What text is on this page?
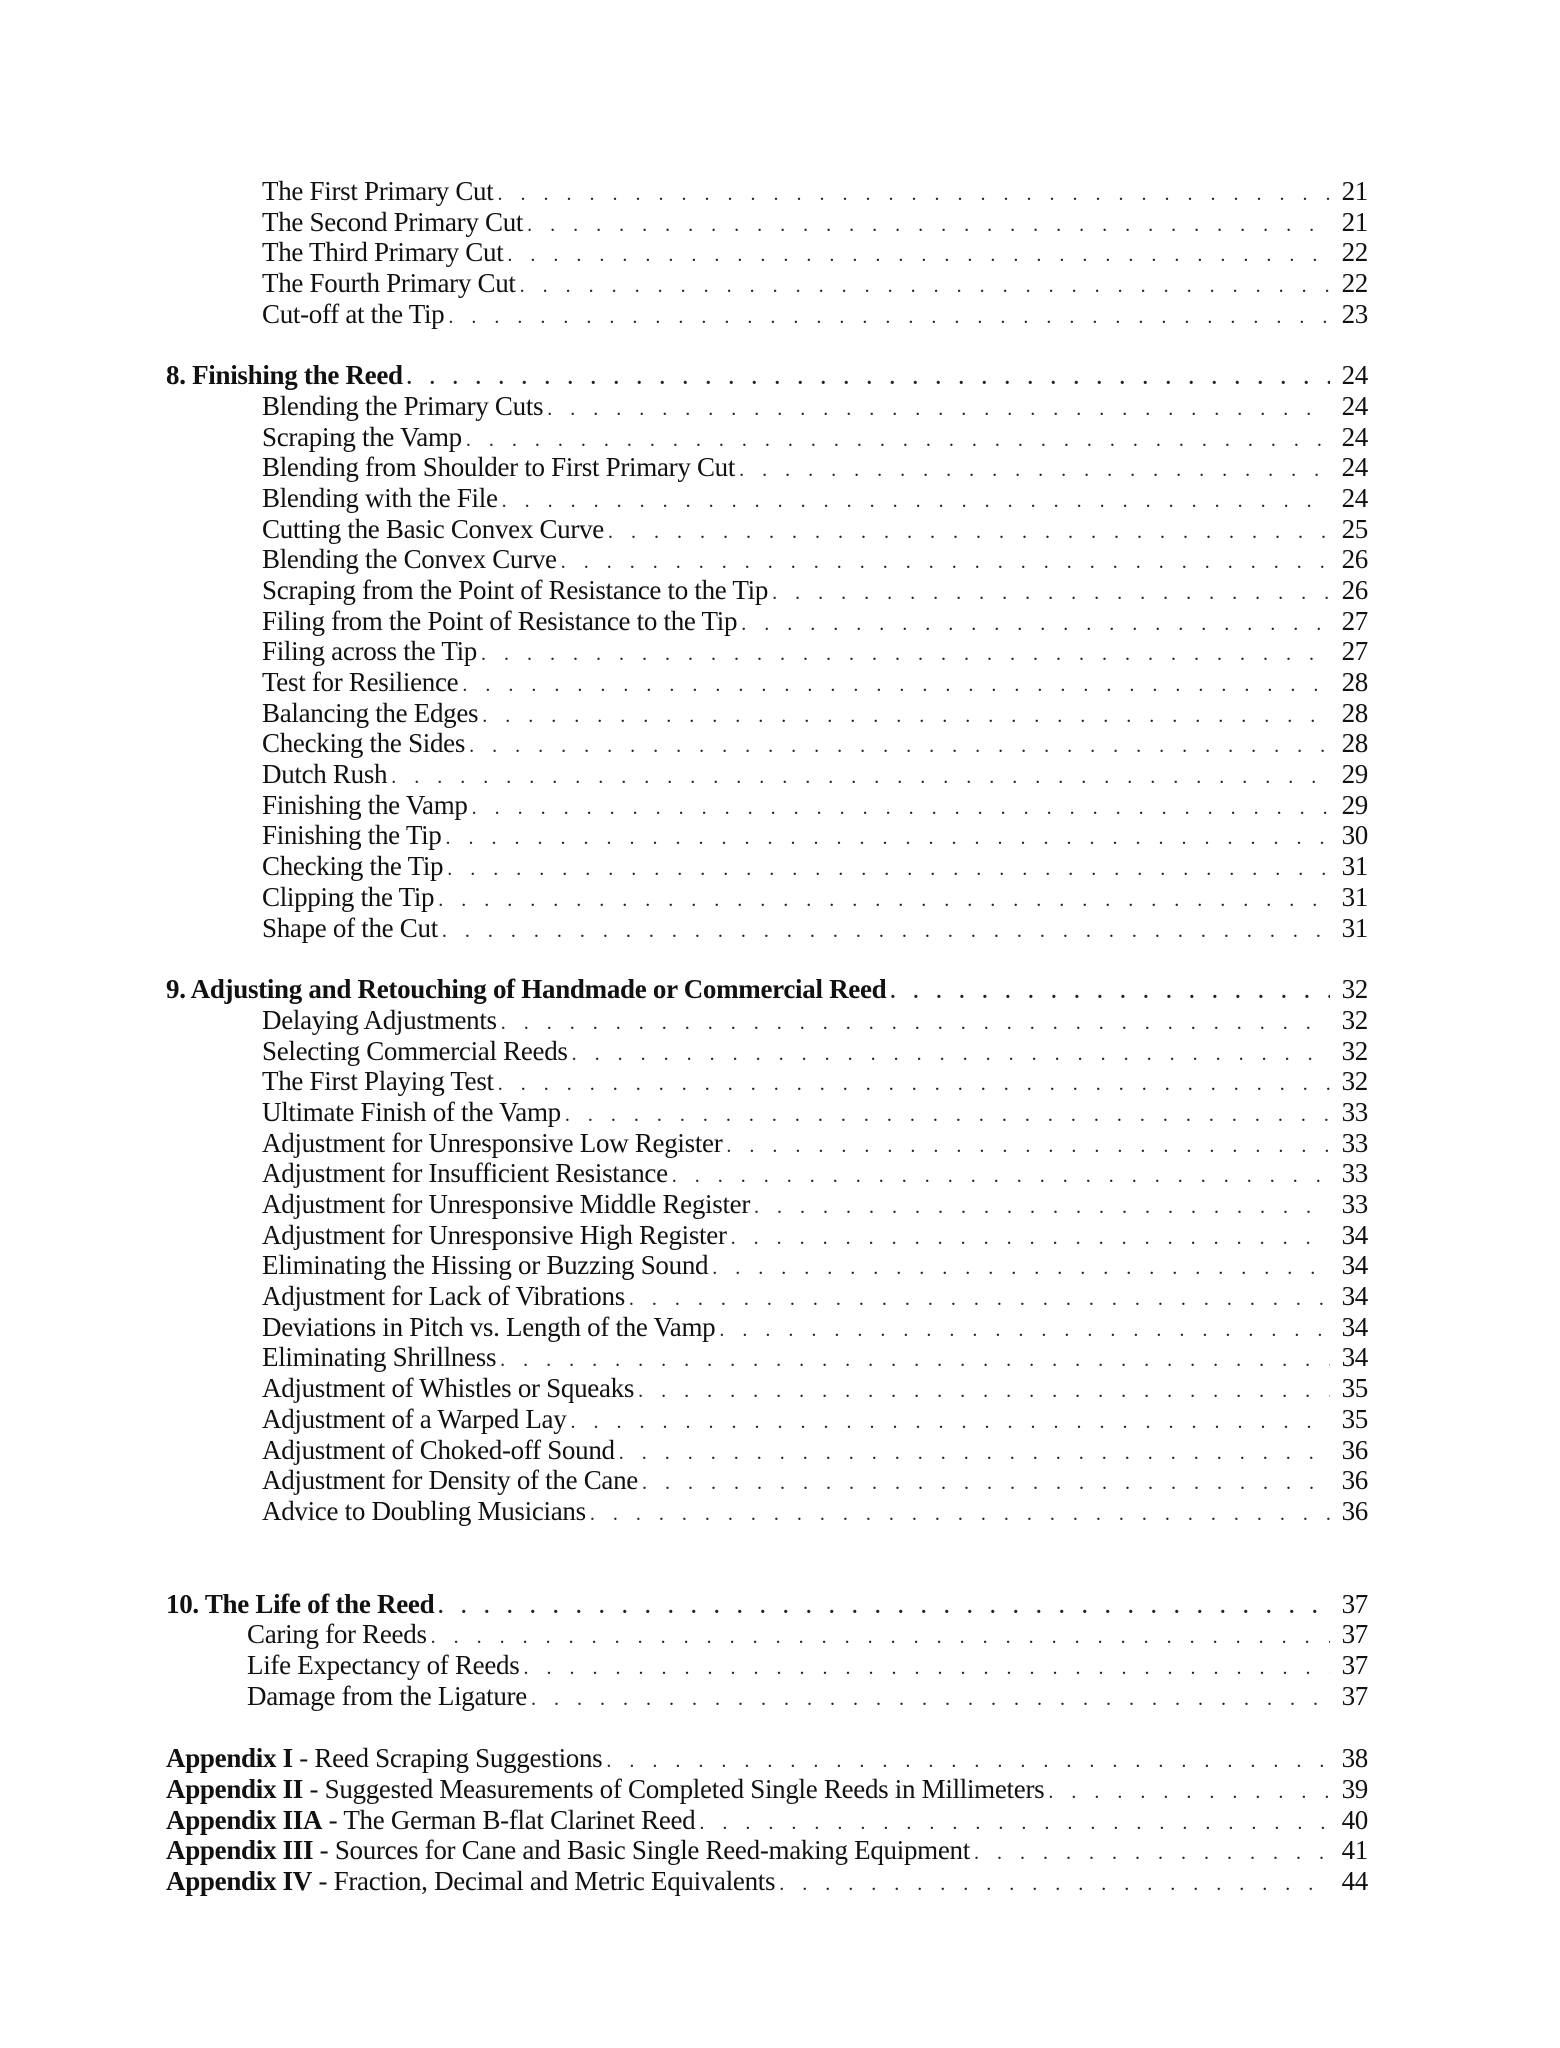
The First Primary Cut . . .	21
The Second Primary Cut . . .	21
The Third Primary Cut . . .	22
The Fourth Primary Cut . . .	22
Cut-off at the Tip . . .	23
8. Finishing the Reed . . .	24
Blending the Primary Cuts . . .	24
Scraping the Vamp . . .	24
Blending from Shoulder to First Primary Cut . . .	24
Blending with the File . . .	24
Cutting the Basic Convex Curve . . .	25
Blending the Convex Curve . . .	26
Scraping from the Point of Resistance to the Tip . . .	26
Filing from the Point of Resistance to the Tip . . .	27
Filing across the Tip . . .	27
Test for Resilience . . .	28
Balancing the Edges . . .	28
Checking the Sides . . .	28
Dutch Rush . . .	29
Finishing the Vamp . . .	29
Finishing the Tip . . .	30
Checking the Tip . . .	31
Clipping the Tip . . .	31
Shape of the Cut . . .	31
9. Adjusting and Retouching of Handmade or Commercial Reed . . .	32
Delaying Adjustments . . .	32
Selecting Commercial Reeds . . .	32
The First Playing Test . . .	32
Ultimate Finish of the Vamp . . .	33
Adjustment for Unresponsive Low Register . . .	33
Adjustment for Insufficient Resistance . . .	33
Adjustment for Unresponsive Middle Register . . .	33
Adjustment for Unresponsive High Register . . .	34
Eliminating the Hissing or Buzzing Sound . . .	34
Adjustment for Lack of Vibrations . . .	34
Deviations in Pitch vs. Length of the Vamp . . .	34
Eliminating Shrillness . . .	34
Adjustment of Whistles or Squeaks . . .	35
Adjustment of a Warped Lay . . .	35
Adjustment of Choked-off Sound . . .	36
Adjustment for Density of the Cane . . .	36
Advice to Doubling Musicians . . .	36
10. The Life of the Reed . . .	37
Caring for Reeds . . .	37
Life Expectancy of Reeds . . .	37
Damage from the Ligature . . .	37
Appendix I - Reed Scraping Suggestions . . .	38
Appendix II - Suggested Measurements of Completed Single Reeds in Millimeters . . .	39
Appendix IIA - The German B-flat Clarinet Reed . . .	40
Appendix III - Sources for Cane and Basic Single Reed-making Equipment . . .	41
Appendix IV - Fraction, Decimal and Metric Equivalents . . .	44
